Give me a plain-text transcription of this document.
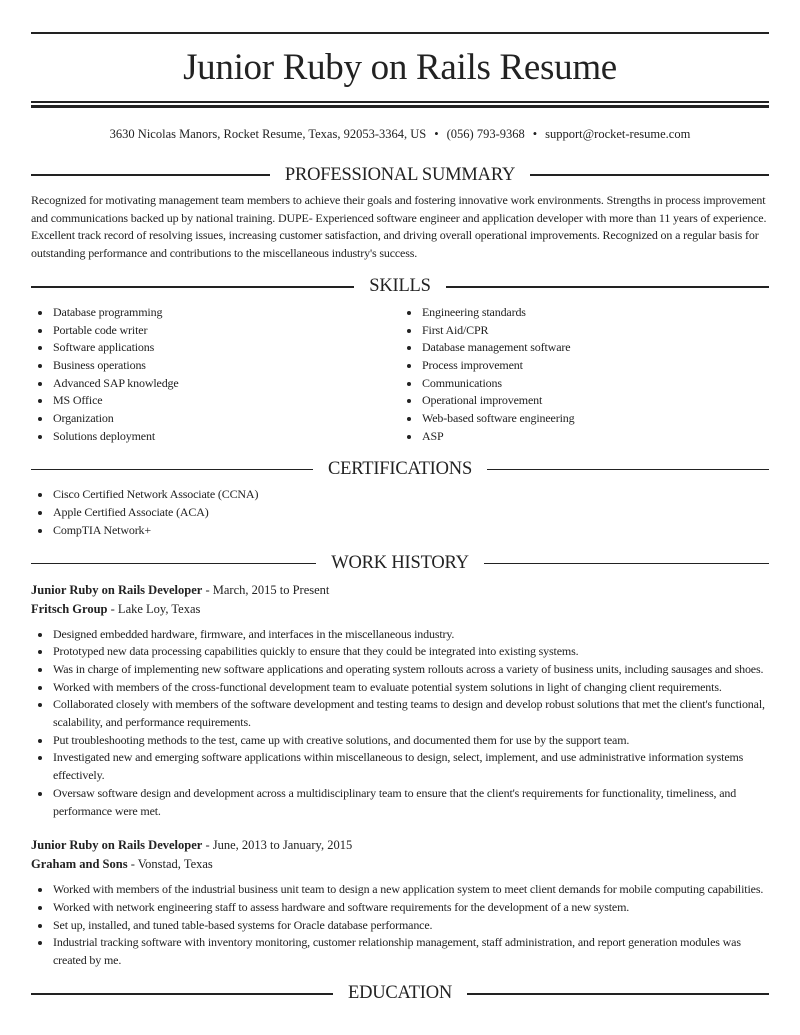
Junior Ruby on Rails Resume
3630 Nicolas Manors, Rocket Resume, Texas, 92053-3364, US • (056) 793-9368 • support@rocket-resume.com
PROFESSIONAL SUMMARY

Recognized for motivating management team members to achieve their goals and fostering innovative work environments. Strengths in process improvement and communications backed up by national training. DUPE- Experienced software engineer and application developer with more than 11 years of experience. Excellent track record of resolving issues, increasing customer satisfaction, and driving overall operational improvements. Recognized on a regular basis for outstanding performance and contributions to the miscellaneous industry's success.

SKILLS
Database programming
Portable code writer
Software applications
Business operations
Advanced SAP knowledge
MS Office
Organization
Solutions deployment
Engineering standards
First Aid/CPR
Database management software
Process improvement
Communications
Operational improvement
Web-based software engineering
ASP
CERTIFICATIONS
Cisco Certified Network Associate (CCNA)
Apple Certified Associate (ACA)
CompTIA Network+
WORK HISTORY
Junior Ruby on Rails Developer - March, 2015 to Present
Fritsch Group - Lake Loy, Texas
Designed embedded hardware, firmware, and interfaces in the miscellaneous industry.
Prototyped new data processing capabilities quickly to ensure that they could be integrated into existing systems.
Was in charge of implementing new software applications and operating system rollouts across a variety of business units, including sausages and shoes.
Worked with members of the cross-functional development team to evaluate potential system solutions in light of changing client requirements.
Collaborated closely with members of the software development and testing teams to design and develop robust solutions that met the client's functional, scalability, and performance requirements.
Put troubleshooting methods to the test, came up with creative solutions, and documented them for use by the support team.
Investigated new and emerging software applications within miscellaneous to design, select, implement, and use administrative information systems effectively.
Oversaw software design and development across a multidisciplinary team to ensure that the client's requirements for functionality, timeliness, and performance were met.
Junior Ruby on Rails Developer - June, 2013 to January, 2015
Graham and Sons - Vonstad, Texas
Worked with members of the industrial business unit team to design a new application system to meet client demands for mobile computing capabilities.
Worked with network engineering staff to assess hardware and software requirements for the development of a new system.
Set up, installed, and tuned table-based systems for Oracle database performance.
Industrial tracking software with inventory monitoring, customer relationship management, staff administration, and report generation modules was created by me.
EDUCATION
